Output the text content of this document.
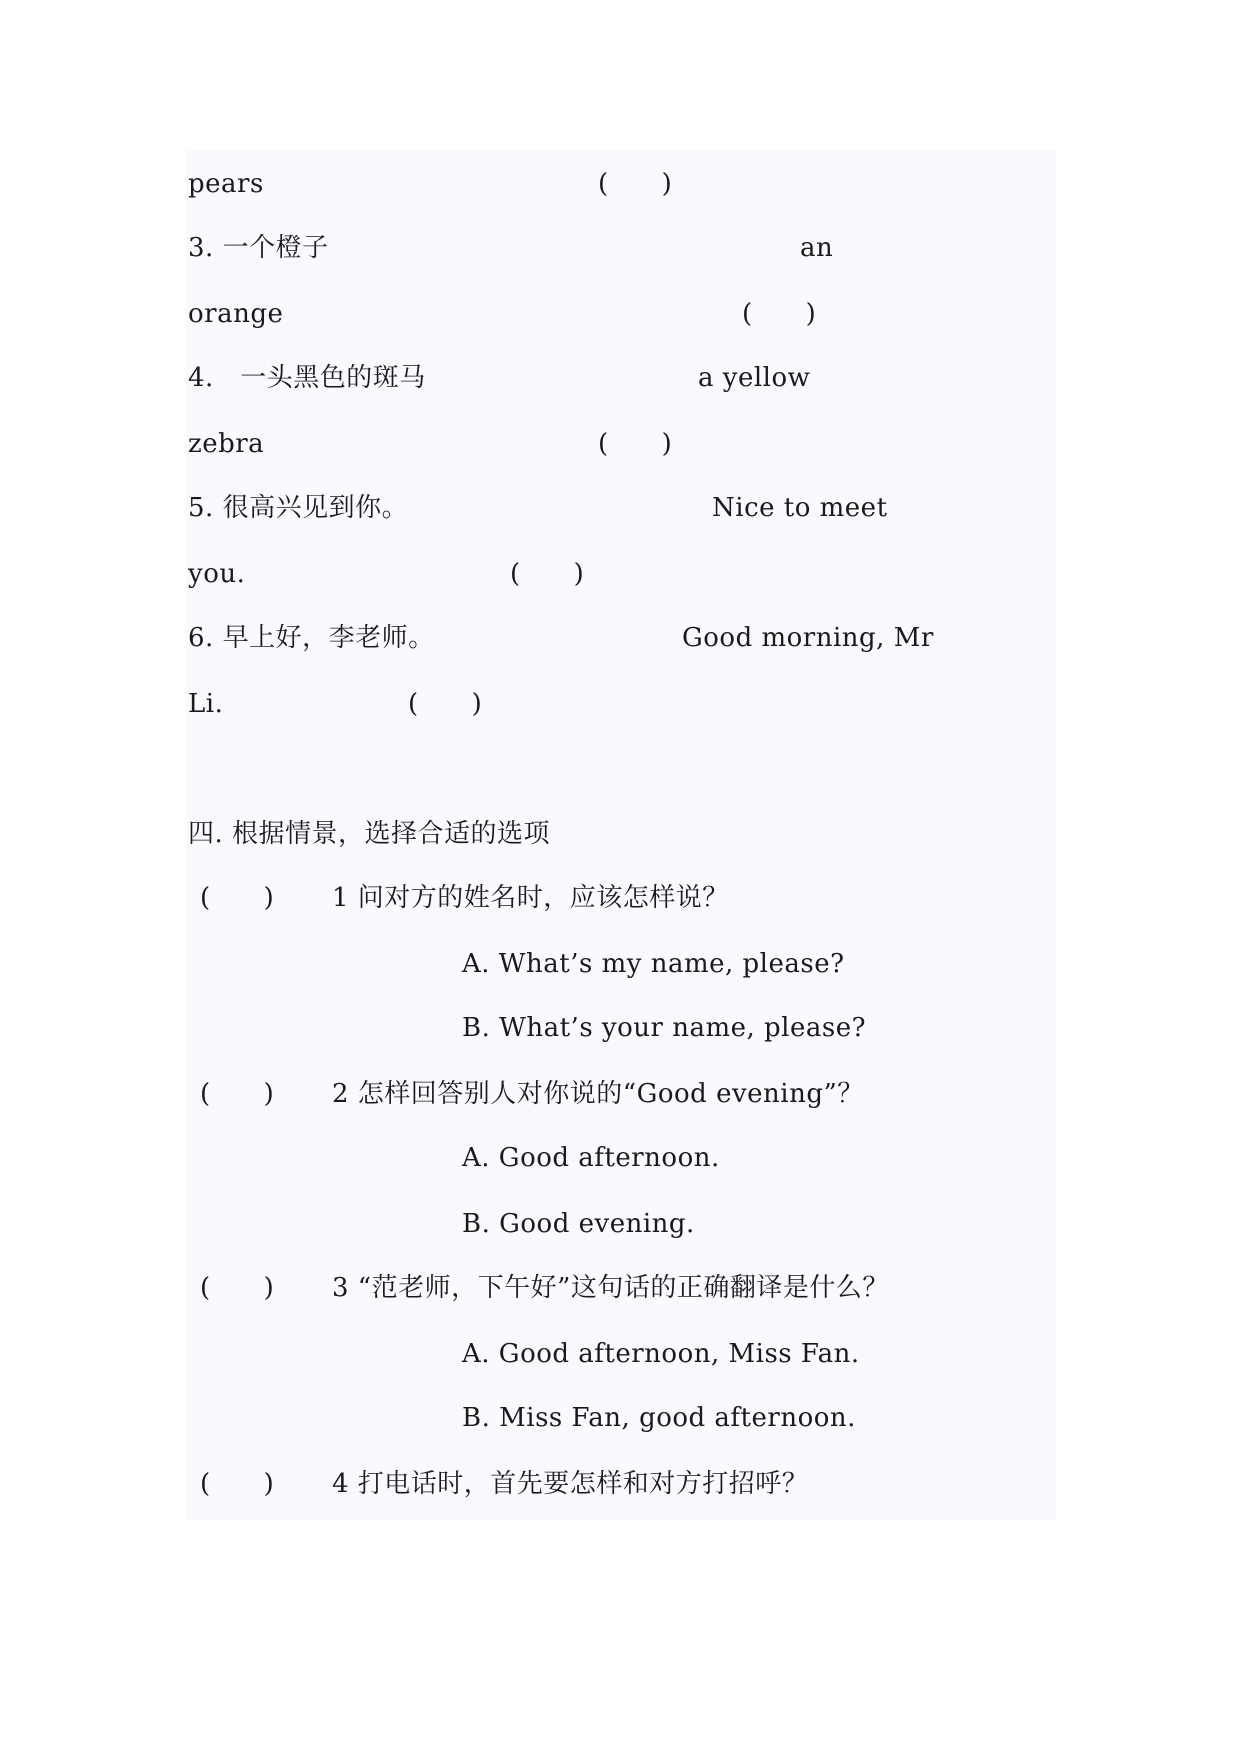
pears	(　　)
3. 一个橙子	an
orange	(　　)
4.　一头黑色的斑马	a yellow
zebra	(　　)
5. 很高兴见到你。	Nice to meet
you.	(　　)
6. 早上好，李老师。	Good morning, Mr
Li.	(　　)
四. 根据情景，选择合适的选项
(　　) 1 问对方的姓名时，应该怎样说？
A. What’s my name, please?
B. What’s your name, please?
(　　) 2 怎样回答别人对你说的“Good evening”？
A. Good afternoon.
B. Good evening.
(　　) 3 “范老师，下午好”这句话的正确翻译是什么？
A. Good afternoon, Miss Fan.
B. Miss Fan, good afternoon.
(　　) 4 打电话时，首先要怎样和对方打招呼？
